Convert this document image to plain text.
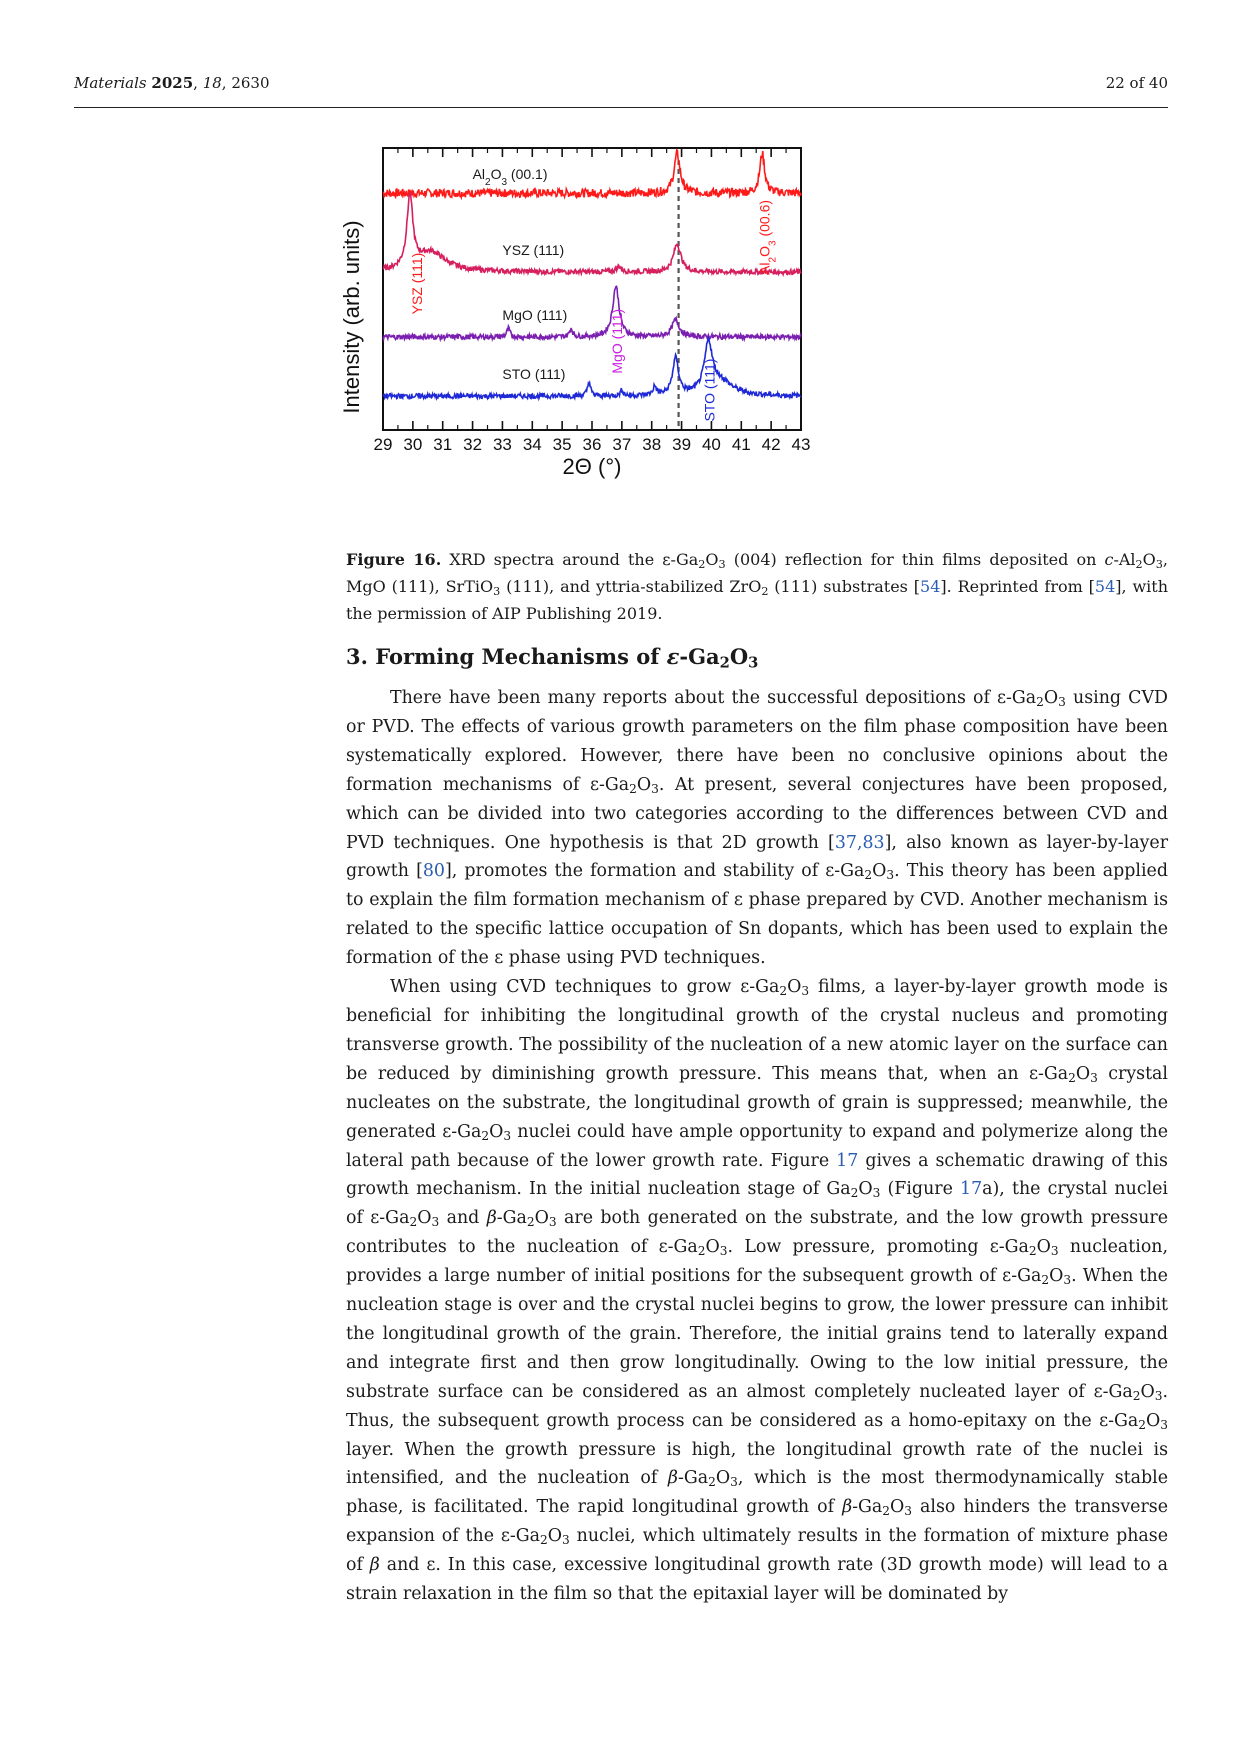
Materials 2025, 18, 2630	22 of 40
29 30 31 32 33 34 35 36 37 38 39 40 41 42 43
2Θ (°)
$Al_2O_3$ (00.1)
YSZ (111)
MgO (111)
STO (111)
$Al_2O_3$ (00.6)
YSZ (111)
MgO (111)
STO (111)
Figure 16. XRD spectra around the $\varepsilon-Ga_2O_3$ (004) reflection for thin films deposited on $c-Al_2O_3$, MgO (111), SrTiO$_3$ (111), and yttria-stabilized ZrO$_2$ (111) substrates [54]. Reprinted from [54], with the permission of AIP Publishing 2019.
3. Forming Mechanisms of $\varepsilon-Ga_2O_3$

There have been many reports about the successful depositions of $\varepsilon-Ga_2O_3$ using CVD or PVD. The effects of various growth parameters on the film phase composition have been systematically explored. However, there have been no conclusive opinions about the formation mechanisms of $\varepsilon-Ga_2O_3$. At present, several conjectures have been proposed, which can be divided into two categories according to the differences between CVD and PVD techniques. One hypothesis is that 2D growth [37,83], also known as layer-by-layer growth [80], promotes the formation and stability of $\varepsilon-Ga_2O_3$. This theory has been applied to explain the film formation mechanism of ε phase prepared by CVD. Another mechanism is related to the specific lattice occupation of Sn dopants, which has been used to explain the formation of the ε phase using PVD techniques.

When using CVD techniques to grow $\varepsilon-Ga_2O_3$ films, a layer-by-layer growth mode is beneficial for inhibiting the longitudinal growth of the crystal nucleus and promoting transverse growth. The possibility of the nucleation of a new atomic layer on the surface can be reduced by diminishing growth pressure. This means that, when an $\varepsilon-Ga_2O_3$ crystal nucleates on the substrate, the longitudinal growth of grain is suppressed; meanwhile, the generated $\varepsilon-Ga_2O_3$ nuclei could have ample opportunity to expand and polymerize along the lateral path because of the lower growth rate. Figure 17 gives a schematic drawing of this growth mechanism. In the initial nucleation stage of $Ga_2O_3$ (Figure 17a), the crystal nuclei of $\varepsilon-Ga_2O_3$ and $\beta-Ga_2O_3$ are both generated on the substrate, and the low growth pressure contributes to the nucleation of $\varepsilon-Ga_2O_3$. Low pressure, promoting $\varepsilon-Ga_2O_3$ nucleation, provides a large number of initial positions for the subsequent growth of $\varepsilon-Ga_2O_3$. When the nucleation stage is over and the crystal nuclei begins to grow, the lower pressure can inhibit the longitudinal growth of the grain. Therefore, the initial grains tend to laterally expand and integrate first and then grow longitudinally. Owing to the low initial pressure, the substrate surface can be considered as an almost completely nucleated layer of $\varepsilon-Ga_2O_3$. Thus, the subsequent growth process can be considered as a homo-epitaxy on the $\varepsilon-Ga_2O_3$ layer. When the growth pressure is high, the longitudinal growth rate of the nuclei is intensified, and the nucleation of $\beta-Ga_2O_3$, which is the most thermodynamically stable phase, is facilitated. The rapid longitudinal growth of $\beta-Ga_2O_3$ also hinders the transverse expansion of the $\varepsilon-Ga_2O_3$ nuclei, which ultimately results in the formation of mixture phase of β and ε. In this case, excessive longitudinal growth rate (3D growth mode) will lead to a strain relaxation in the film so that the epitaxial layer will be dominated by

Intensity (arb. units)
